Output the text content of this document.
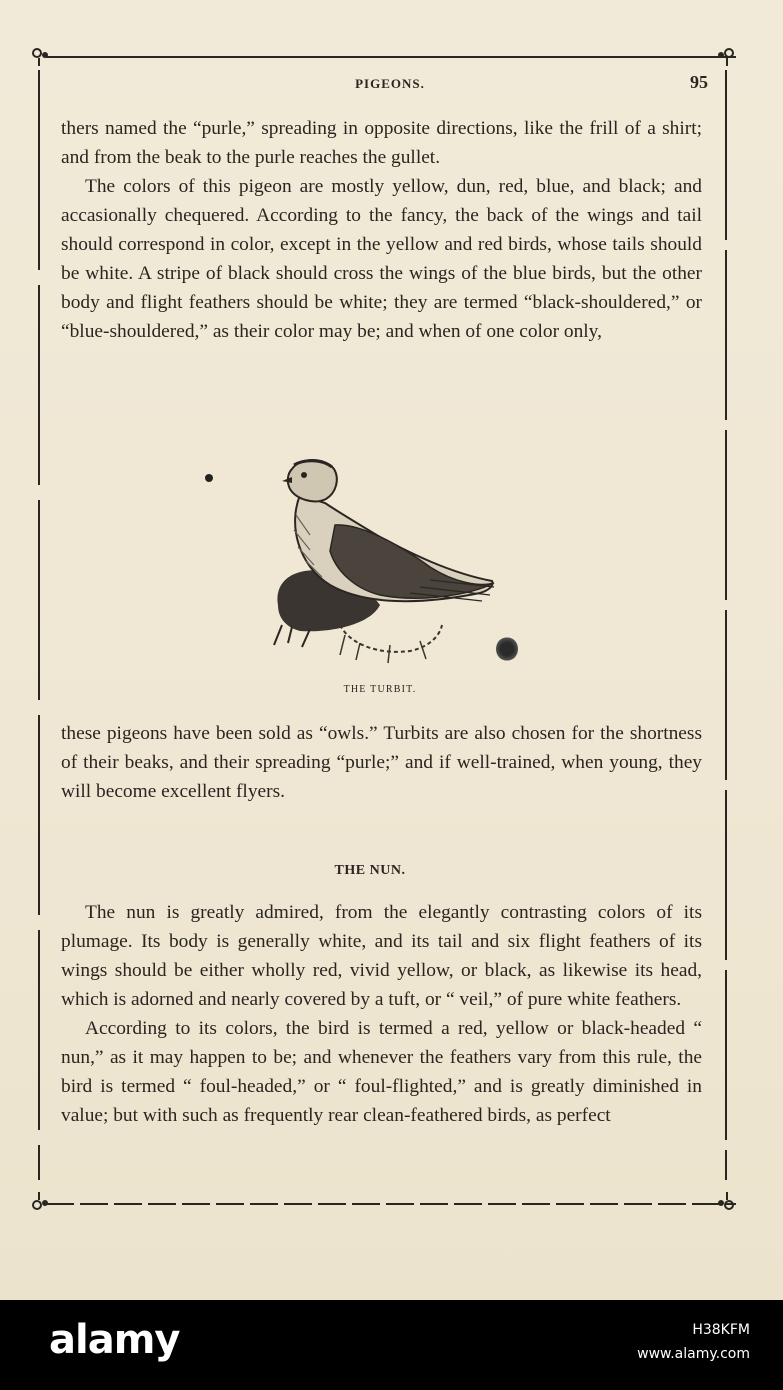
PIGEONS.	95

thers named the “purle,” spreading in opposite directions, like the frill of a shirt; and from the beak to the purle reaches the gullet.

The colors of this pigeon are mostly yellow, dun, red, blue, and black; and accasionally chequered. According to the fancy, the back of the wings and tail should correspond in color, except in the yellow and red birds, whose tails should be white. A stripe of black should cross the wings of the blue birds, but the other body and flight feathers should be white; they are termed “black-shouldered,” or “blue-shouldered,” as their color may be; and when of one color only,

THE TURBIT.

these pigeons have been sold as “owls.” Turbits are also chosen for the shortness of their beaks, and their spreading “purle;” and if well-trained, when young, they will become excellent flyers.

THE NUN.

The nun is greatly admired, from the elegantly contrasting colors of its plumage. Its body is generally white, and its tail and six flight feathers of its wings should be either wholly red, vivid yellow, or black, as likewise its head, which is adorned and nearly covered by a tuft, or “ veil,” of pure white feathers.

According to its colors, the bird is termed a red, yellow or black-headed “ nun,” as it may happen to be; and whenever the feathers vary from this rule, the bird is termed “ foul-headed,” or “ foul-flighted,” and is greatly diminished in value; but with such as frequently rear clean-feathered birds, as perfect

alamy	H38KFM
www.alamy.com
